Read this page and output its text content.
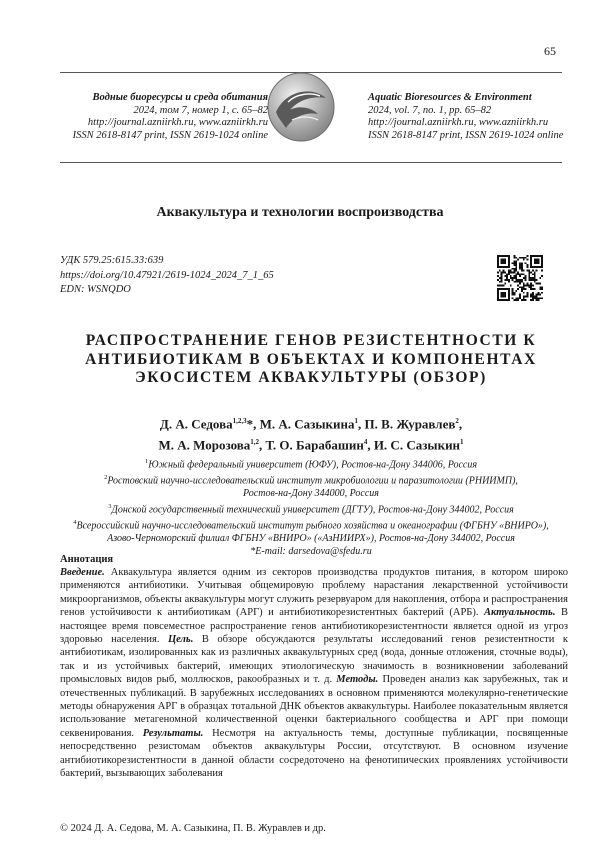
65
Водные биоресурсы и среда обитания
2024, том 7, номер 1, с. 65–82
http://journal.azniirkh.ru, www.azniirkh.ru
ISSN 2618-8147 print, ISSN 2619-1024 online
Aquatic Bioresources & Environment
2024, vol. 7, no. 1, pp. 65–82
http://journal.azniirkh.ru, www.azniirkh.ru
ISSN 2618-8147 print, ISSN 2619-1024 online
Аквакультура и технологии воспроизводства
УДК 579.25:615.33:639
https://doi.org/10.47921/2619-1024_2024_7_1_65
EDN: WSNQDO
РАСПРОСТРАНЕНИЕ ГЕНОВ РЕЗИСТЕНТНОСТИ К АНТИБИОТИКАМ В ОБЪЕКТАХ И КОМПОНЕНТАХ ЭКОСИСТЕМ АКВАКУЛЬТУРЫ (ОБЗОР)
Д. А. Седова$^{1,2,3}$*, М. А. Сазыкина$^1$, П. В. Журавлев$^2$,
М. А. Морозова$^{1,2}$, Т. О. Барабашин$^4$, И. С. Сазыкин$^1$
$^1$Южный федеральный университет (ЮФУ), Ростов-на-Дону 344006, Россия
$^2$Ростовский научно-исследовательский институт микробиологии и паразитологии (РНИИМП),
Ростов-на-Дону 344000, Россия
$^3$Донской государственный технический университет (ДГТУ), Ростов-на-Дону 344002, Россия
$^4$Всероссийский научно-исследовательский институт рыбного хозяйства и океанографии (ФГБНУ «ВНИРО»),
Азово-Черноморский филиал ФГБНУ «ВНИРО» («АзНИИРХ»), Ростов-на-Дону 344002, Россия
*E-mail: darsedova@sfedu.ru
Аннотация

Введение. Аквакультура является одним из секторов производства продуктов питания, в котором широко применяются антибиотики. Учитывая общемировую проблему нарастания лекарственной устойчивости микроорганизмов, объекты аквакультуры могут служить резервуаром для накопления, отбора и распространения генов устойчивости к антибиотикам (АРГ) и антибиотикорезистентных бактерий (АРБ). Актуальность. В настоящее время повсеместное распространение генов антибиотикорезистентности является одной из угроз здоровью населения. Цель. В обзоре обсуждаются результаты исследований генов резистентности к антибиотикам, изолированных как из различных аквакультурных сред (вода, донные отложения, сточные воды), так и из устойчивых бактерий, имеющих этиологическую значимость в возникновении заболеваний промысловых видов рыб, моллюсков, ракообразных и т. д. Методы. Проведен анализ как зарубежных, так и отечественных публикаций. В зарубежных исследованиях в основном применяются молекулярно-генетические методы обнаружения АРГ в образцах тотальной ДНК объектов аквакультуры. Наиболее показательным является использование метагеномной количественной оценки бактериального сообщества и АРГ при помощи секвенирования. Результаты. Несмотря на актуальность темы, доступные публикации, посвященные непосредственно резистомам объектов аквакультуры России, отсутствуют. В основном изучение антибиотикорезистентности в данной области сосредоточено на фенотипических проявлениях устойчивости бактерий, вызывающих заболевания

© 2024 Д. А. Седова, М. А. Сазыкина, П. В. Журавлев и др.
